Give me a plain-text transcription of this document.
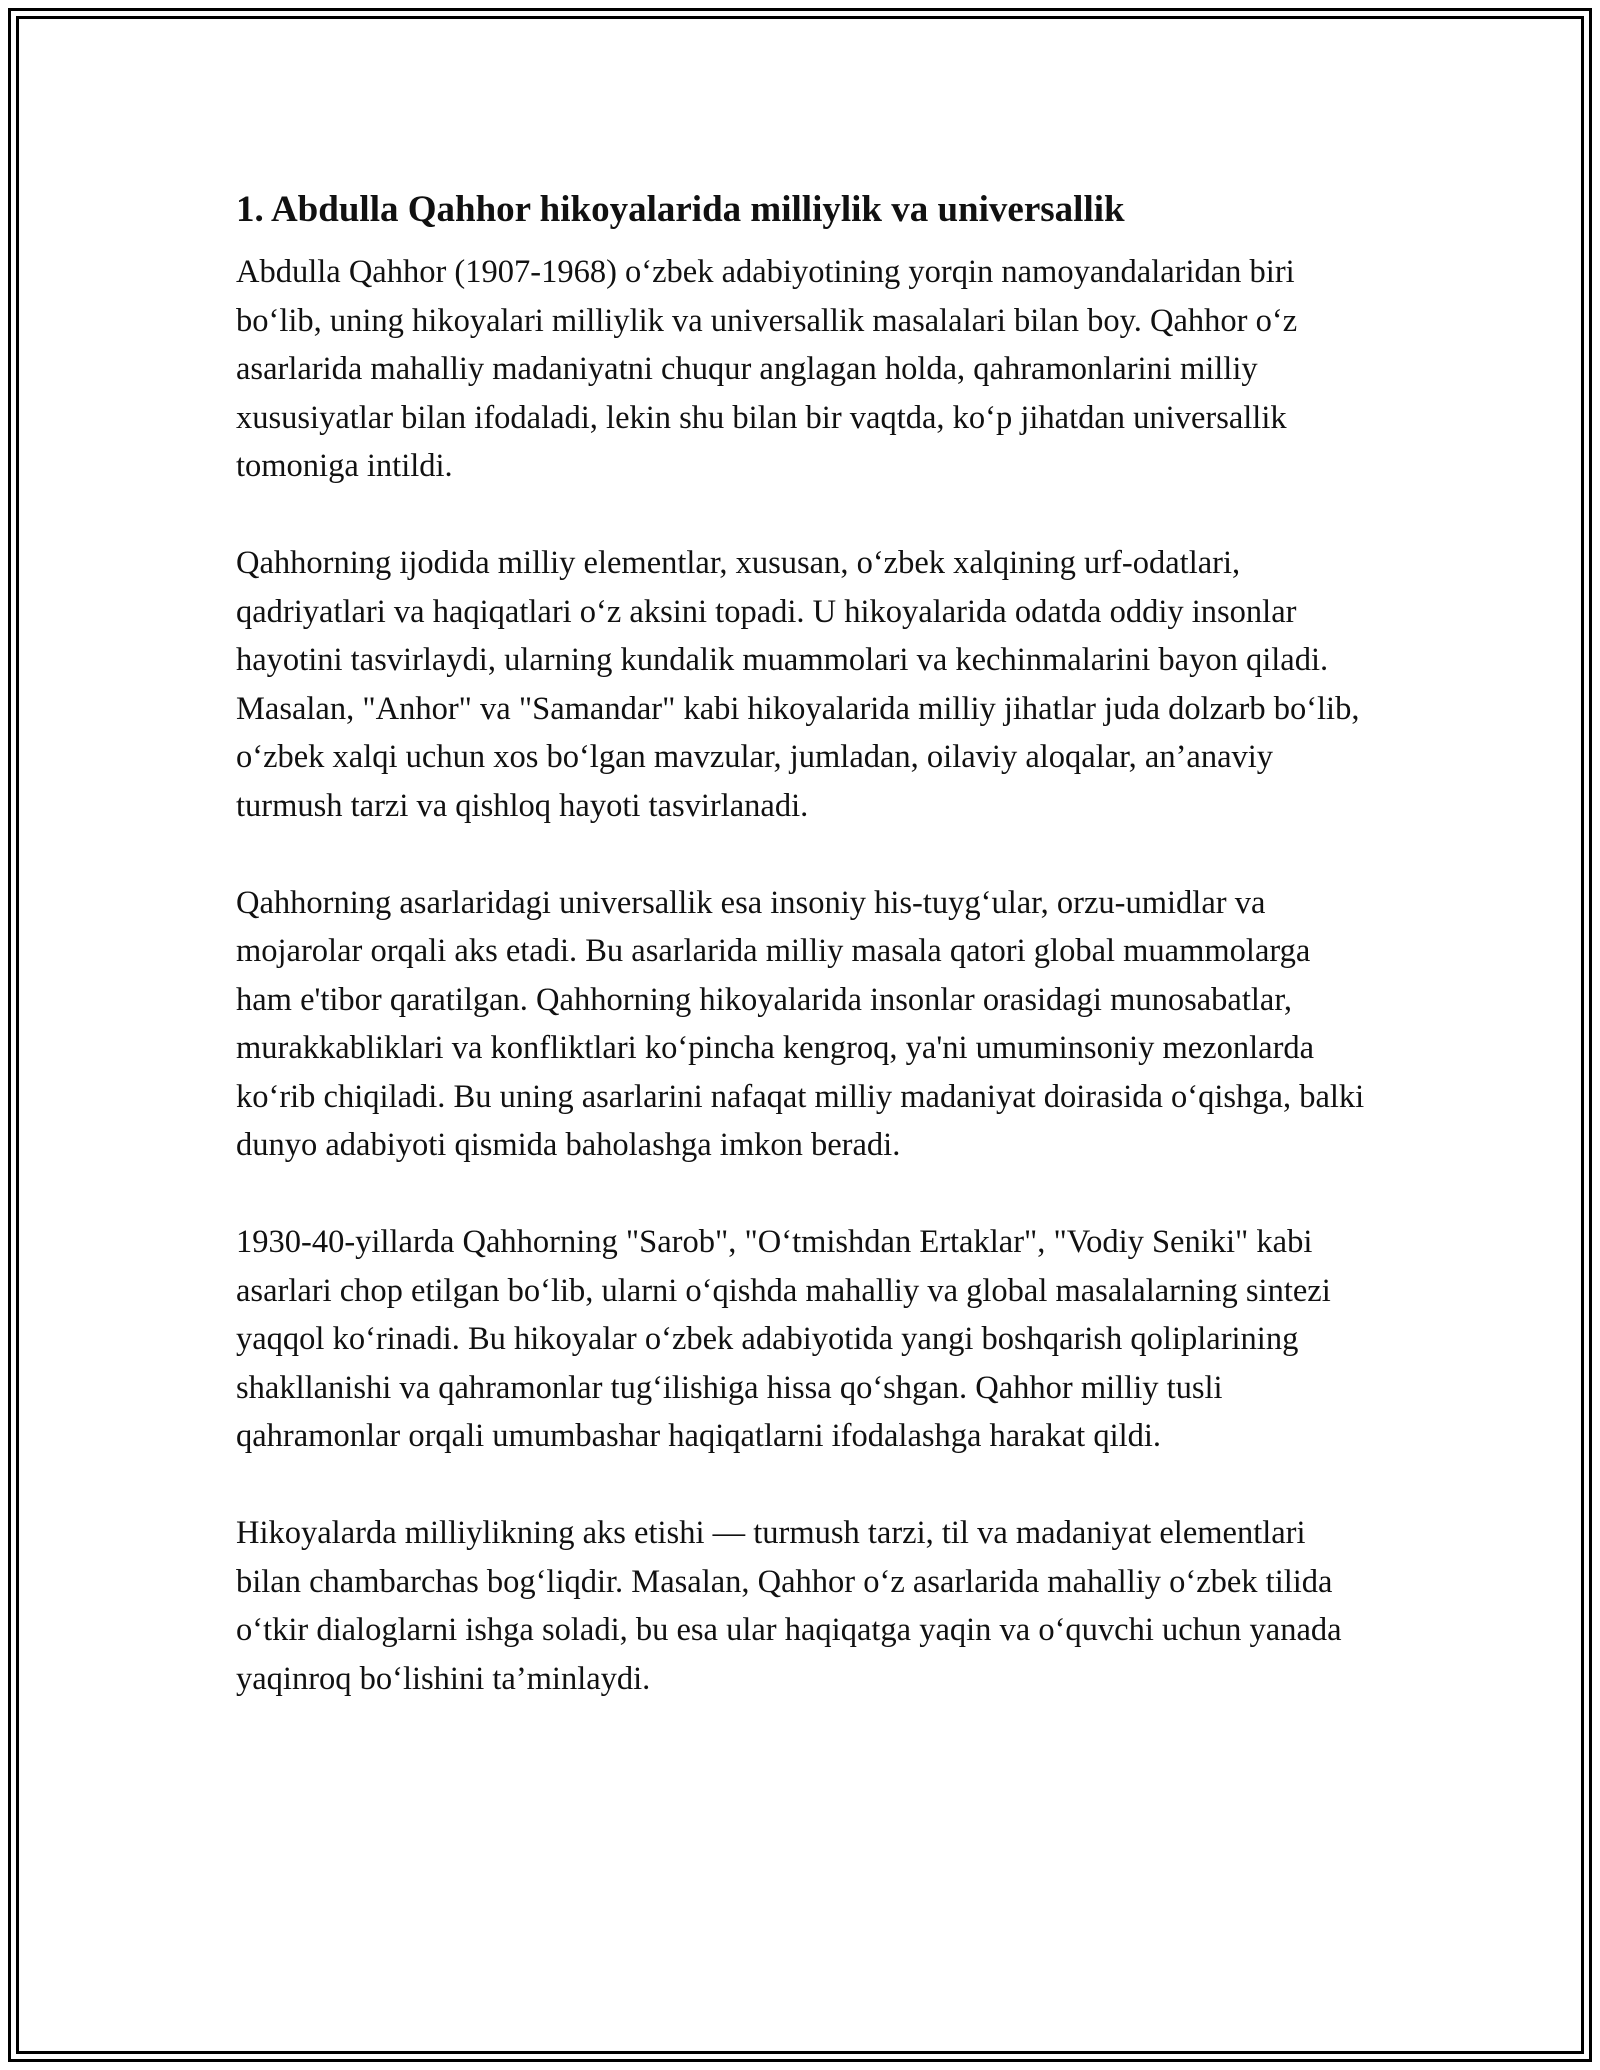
1. Abdulla Qahhor hikoyalarida milliylik va universallik

Abdulla Qahhor (1907-1968) o‘zbek adabiyotining yorqin namoyandalaridan biri bo‘lib, uning hikoyalari milliylik va universallik masalalari bilan boy. Qahhor o‘z asarlarida mahalliy madaniyatni chuqur anglagan holda, qahramonlarini milliy xususiyatlar bilan ifodaladi, lekin shu bilan bir vaqtda, ko‘p jihatdan universallik tomoniga intildi.

Qahhorning ijodida milliy elementlar, xususan, o‘zbek xalqining urf-odatlari, qadriyatlari va haqiqatlari o‘z aksini topadi. U hikoyalarida odatda oddiy insonlar hayotini tasvirlaydi, ularning kundalik muammolari va kechinmalarini bayon qiladi. Masalan, "Anhor" va "Samandar" kabi hikoyalarida milliy jihatlar juda dolzarb bo‘lib, o‘zbek xalqi uchun xos bo‘lgan mavzular, jumladan, oilaviy aloqalar, an’anaviy turmush tarzi va qishloq hayoti tasvirlanadi.

Qahhorning asarlaridagi universallik esa insoniy his-tuyg‘ular, orzu-umidlar va mojarolar orqali aks etadi. Bu asarlarida milliy masala qatori global muammolarga ham e'tibor qaratilgan. Qahhorning hikoyalarida insonlar orasidagi munosabatlar, murakkabliklari va konfliktlari ko‘pincha kengroq, ya'ni umuminsoniy mezonlarda ko‘rib chiqiladi. Bu uning asarlarini nafaqat milliy madaniyat doirasida o‘qishga, balki dunyo adabiyoti qismida baholashga imkon beradi.

1930-40-yillarda Qahhorning "Sarob", "O‘tmishdan Ertaklar", "Vodiy Seniki" kabi asarlari chop etilgan bo‘lib, ularni o‘qishda mahalliy va global masalalarning sintezi yaqqol ko‘rinadi. Bu hikoyalar o‘zbek adabiyotida yangi boshqarish qoliplarining shakllanishi va qahramonlar tug‘ilishiga hissa qo‘shgan. Qahhor milliy tusli qahramonlar orqali umumbashar haqiqatlarni ifodalashga harakat qildi.

Hikoyalarda milliylikning aks etishi — turmush tarzi, til va madaniyat elementlari bilan chambarchas bog‘liqdir. Masalan, Qahhor o‘z asarlarida mahalliy o‘zbek tilida o‘tkir dialoglarni ishga soladi, bu esa ular haqiqatga yaqin va o‘quvchi uchun yanada yaqinroq bo‘lishini ta’minlaydi.
